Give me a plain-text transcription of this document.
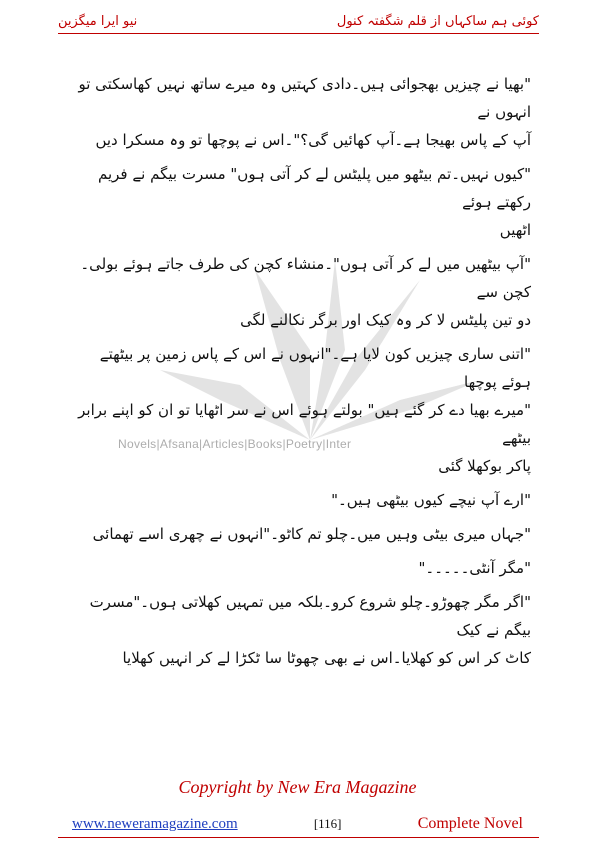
نیو ایرا میگزین	کوئی ہم ساکہاں از قلم شگفتہ کنول
Novels|Afsana|Articles|Books|Poetry|Inter

"بھیا نے چیزیں بھجوائی ہیں۔دادی کہتیں وہ میرے ساتھ نہیں کھاسکتی تو انہوں نے

آپ کے پاس بھیجا ہے۔آپ کھائیں گی؟"۔اس نے پوچھا تو وہ مسکرا دیں

"کیوں نہیں۔تم بیٹھو میں پلیٹس لے کر آتی ہوں" مسرت بیگم نے فریم رکھتے ہوئے

اٹھیں

"آپ بیٹھیں میں لے کر آتی ہوں"۔منشاء کچن کی طرف جاتے ہوئے بولی۔کچن سے

دو تین پلیٹس لا کر وہ کیک اور برگر نکالنے لگی

"اتنی ساری چیزیں کون لایا ہے۔"انہوں نے اس کے پاس زمین پر بیٹھتے ہوئے پوچھا

"میرے بھیا دے کر گئے ہیں" بولتے ہوئے اس نے سر اٹھایا تو ان کو اپنے برابر بیٹھے

پاکر بوکھلا گئی

"ارے آپ نیچے کیوں بیٹھی ہیں۔"

"جہاں میری بیٹی وہیں میں۔چلو تم کاٹو۔"انہوں نے چھری اسے تھمائی

"مگر آنٹی۔۔۔۔۔"

"اگر مگر چھوڑو۔چلو شروع کرو۔بلکہ میں تمہیں کھلاتی ہوں۔"مسرت بیگم نے کیک

کاٹ کر اس کو کھلایا۔اس نے بھی چھوٹا سا ٹکڑا لے کر انہیں کھلایا

Copyright by New Era Magazine
www.neweramagazine.com	[116]	Complete Novel
